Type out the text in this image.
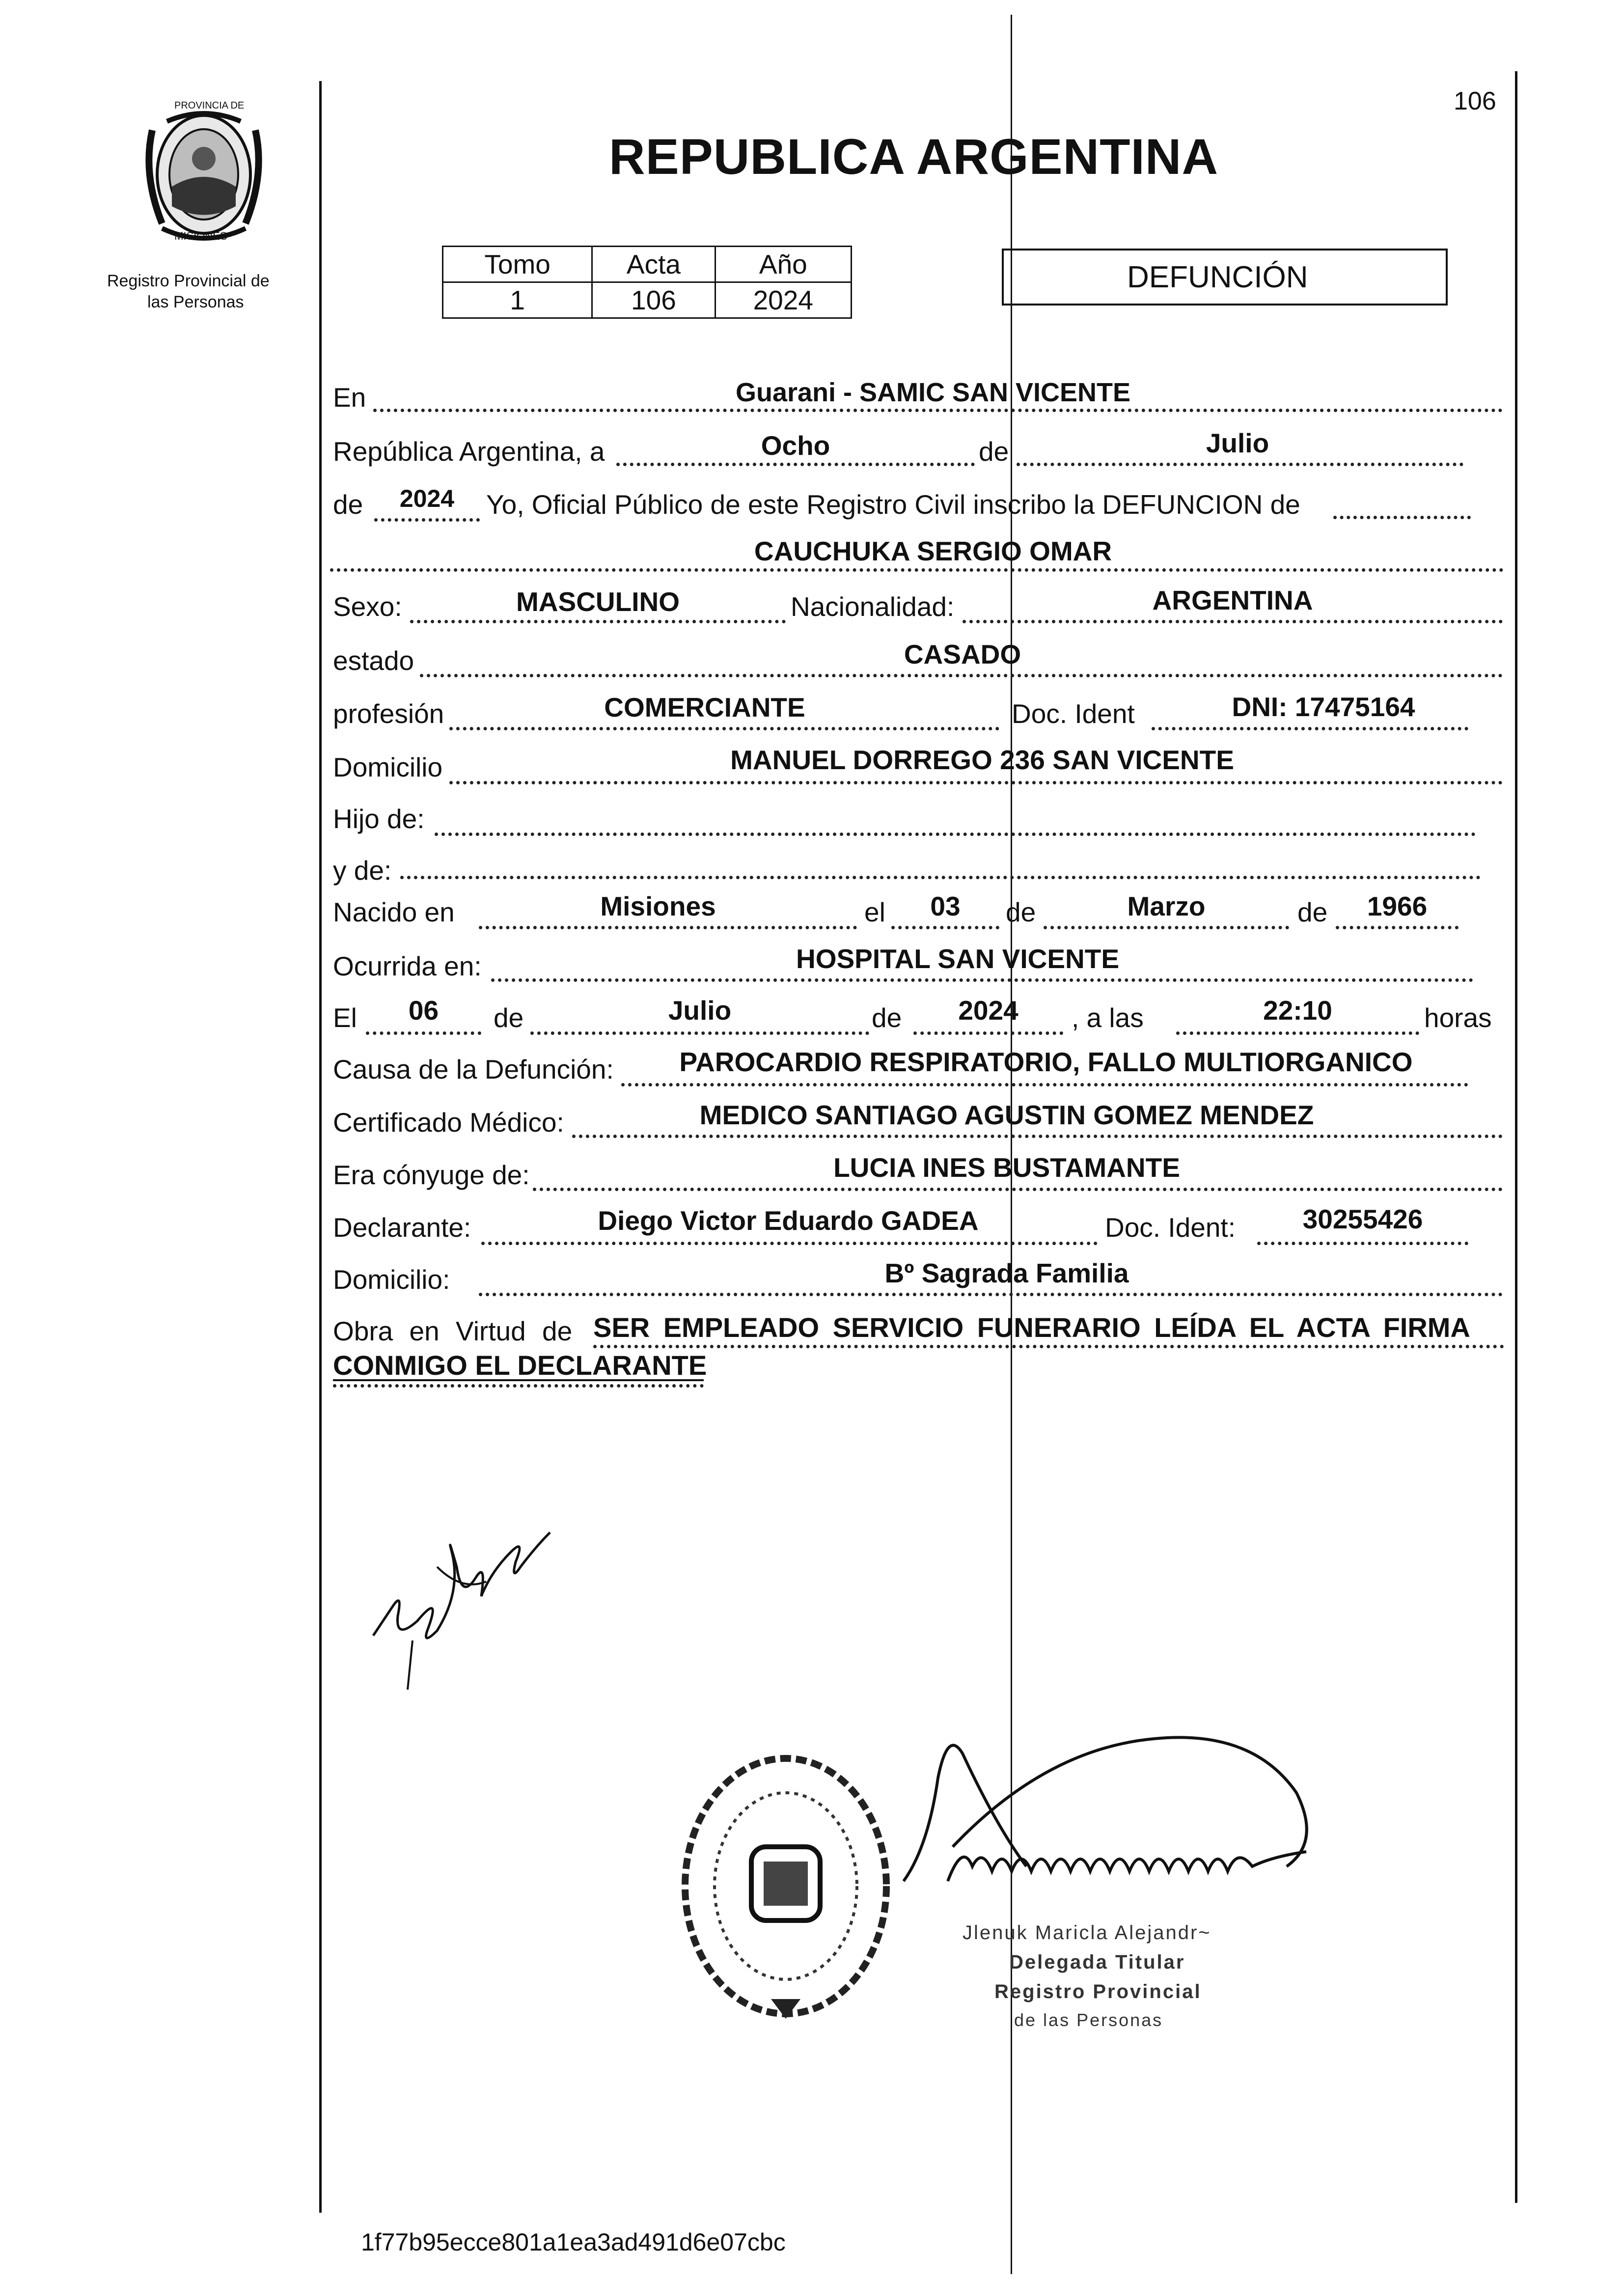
106
PROVINCIA DE
MISIONES
Registro Provincial de
las Personas
REPUBLICA ARGENTINA
Tomo	Acta	Año
1	106	2024
DEFUNCIÓN
En	Guarani - SAMIC SAN VICENTE
República Argentina, a	Ocho	de	Julio
de	2024	Yo, Oficial Público de este Registro Civil inscribo la DEFUNCION de
CAUCHUKA SERGIO OMAR
Sexo:	MASCULINO	Nacionalidad:	ARGENTINA
estado	CASADO
profesión	COMERCIANTE	Doc. Ident	DNI: 17475164
Domicilio	MANUEL DORREGO 236 SAN VICENTE
Hijo de:
y de:
Nacido en	Misiones	el	03	de	Marzo	de	1966
Ocurrida en:	HOSPITAL SAN VICENTE
El	06	de	Julio	de	2024	, a las	22:10	horas
Causa de la Defunción:	PAROCARDIO RESPIRATORIO, FALLO MULTIORGANICO
Certificado Médico:	MEDICO SANTIAGO AGUSTIN GOMEZ MENDEZ
Era cónyuge de:	LUCIA INES BUSTAMANTE
Declarante:	Diego Victor Eduardo GADEA	Doc. Ident:	30255426
Domicilio:	Bº Sagrada Familia
Obra en Virtud de SER EMPLEADO SERVICIO FUNERARIO LEÍDA EL ACTA FIRMA
CONMIGO EL DECLARANTE
Jlenuk Maricla Alejandr~
Delegada Titular
Registro Provincial
de las Personas
1f77b95ecce801a1ea3ad491d6e07cbc
